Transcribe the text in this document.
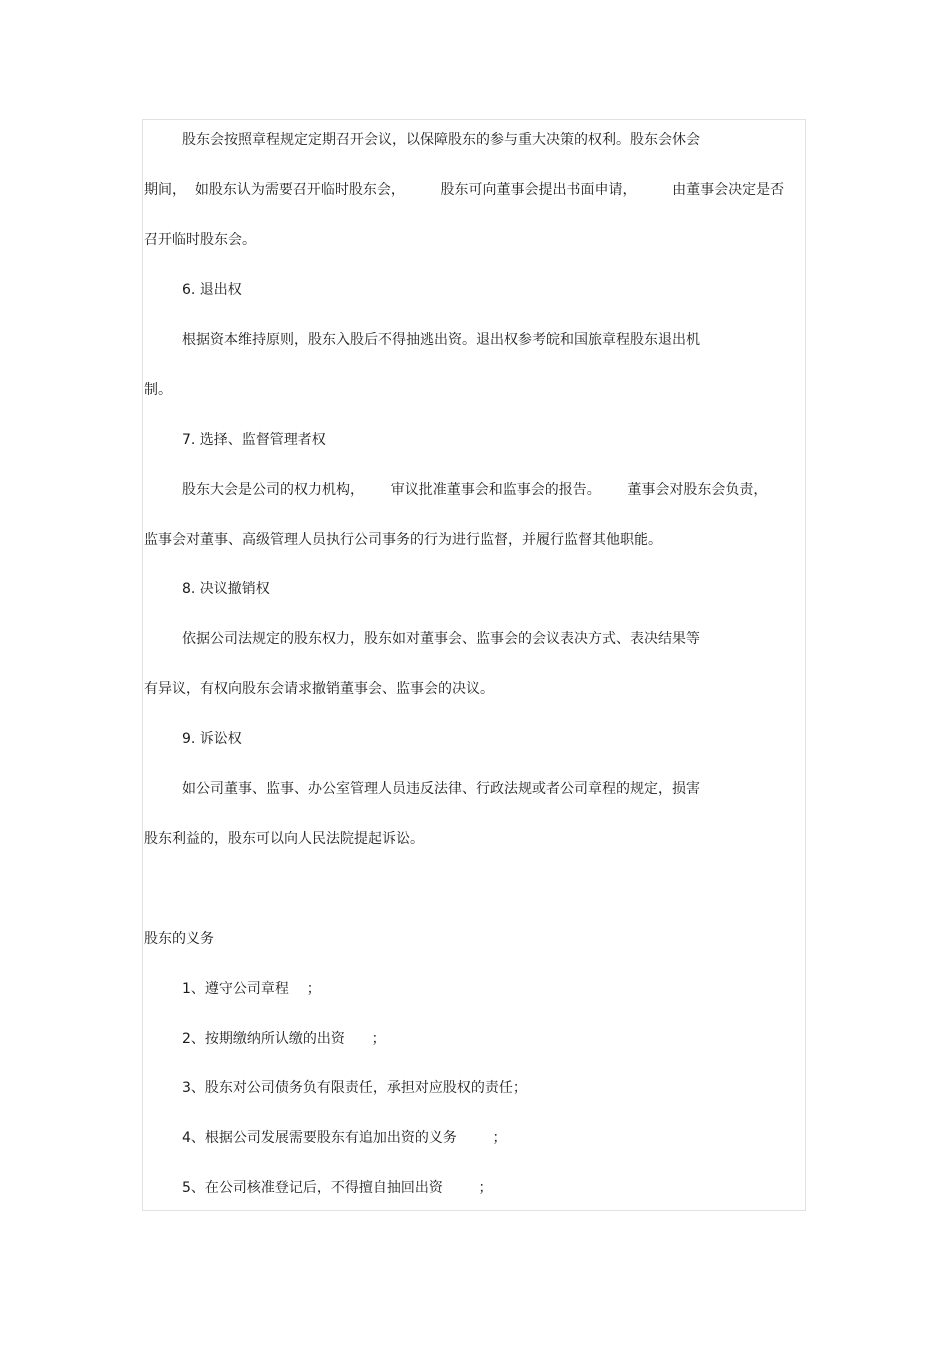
股东会按照章程规定定期召开会议，以保障股东的参与重大决策的权利。股东会休会
期间，  如股东认为需要召开临时股东会，        股东可向董事会提出书面申请，        由董事会决定是否
召开临时股东会。
6. 退出权
根据资本维持原则，股东入股后不得抽逃出资。退出权参考皖和国旅章程股东退出机
制。
7. 选择、监督管理者权
股东大会是公司的权力机构，      审议批准董事会和监事会的报告。      董事会对股东会负责，
监事会对董事、高级管理人员执行公司事务的行为进行监督，并履行监督其他职能。
8. 决议撤销权
依据公司法规定的股东权力，股东如对董事会、监事会的会议表决方式、表决结果等
有异议，有权向股东会请求撤销董事会、监事会的决议。
9. 诉讼权
如公司董事、监事、办公室管理人员违反法律、行政法规或者公司章程的规定，损害
股东利益的，股东可以向人民法院提起诉讼。
股东的义务
1、遵守公司章程    ；
2、按期缴纳所认缴的出资      ；
3、股东对公司债务负有限责任，承担对应股权的责任；
4、根据公司发展需要股东有追加出资的义务        ；
5、在公司核准登记后，不得擅自抽回出资        ；
